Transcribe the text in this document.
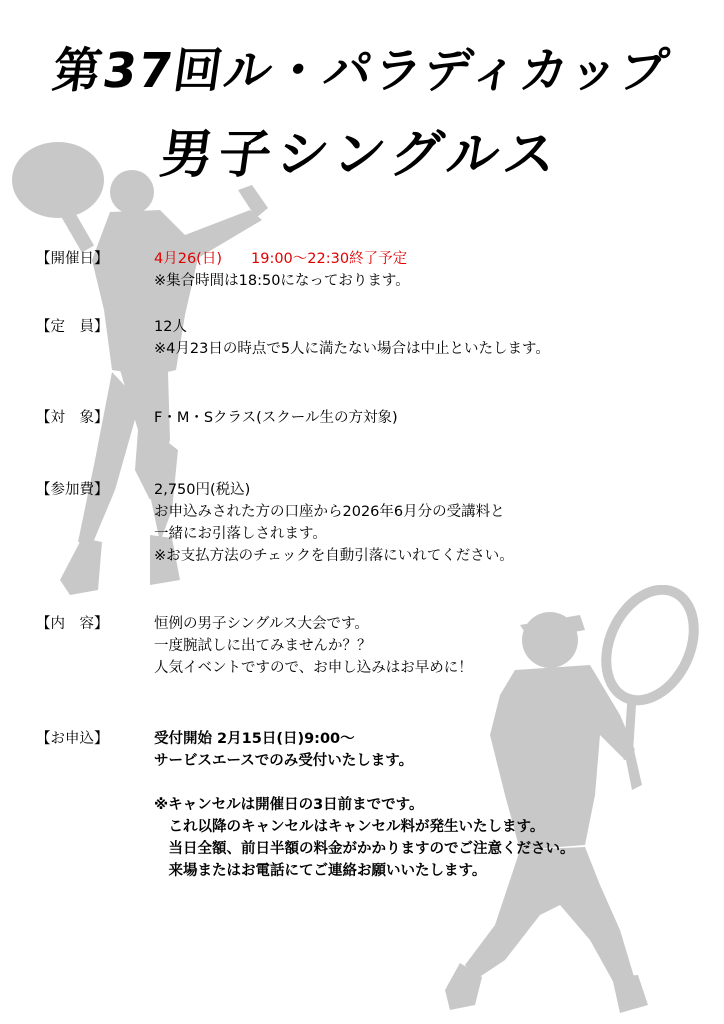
第37回ル・パラディカップ
男子シングルス
【開催日】	4月26(日)　　19:00～22:30終了予定
※集合時間は18:50になっております。
【定　員】	12人
※4月23日の時点で5人に満たない場合は中止といたします。
【対　象】	F・M・Sクラス(スクール生の方対象)
【参加費】	2,750円(税込)
お申込みされた方の口座から2026年6月分の受講料と
一緒にお引落しされます。
※お支払方法のチェックを自動引落にいれてください。
【内　容】	恒例の男子シングルス大会です。
一度腕試しに出てみませんか？？
人気イベントですので、お申し込みはお早めに！
【お申込】	受付開始 2月15日(日)9:00～
サービスエースでのみ受付いたします。
※キャンセルは開催日の3日前までです。
　これ以降のキャンセルはキャンセル料が発生いたします。
　当日全額、前日半額の料金がかかりますのでご注意ください。
　来場またはお電話にてご連絡お願いいたします。
